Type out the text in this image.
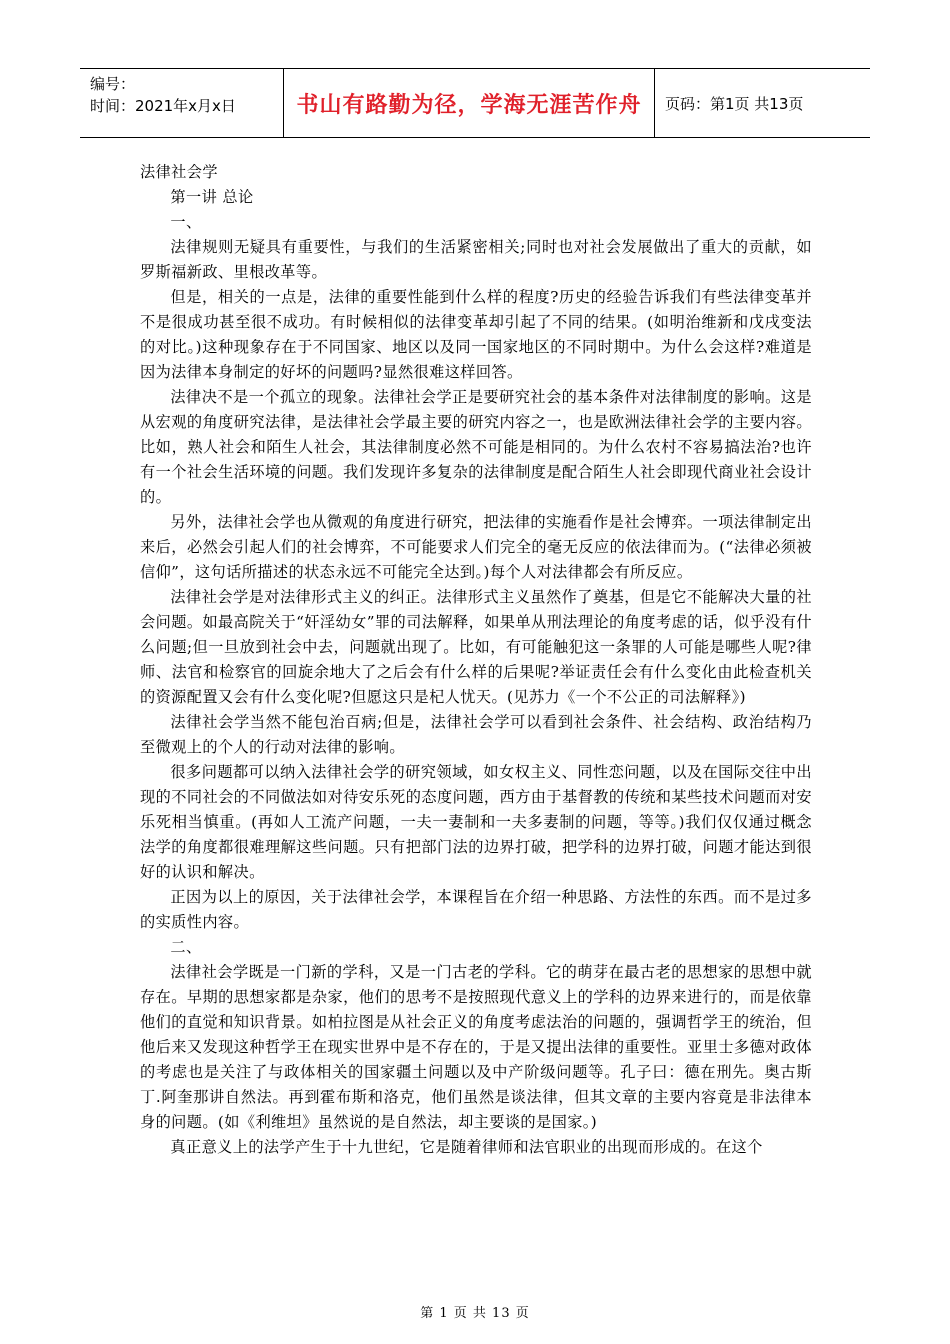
编号：
时间：2021年x月x日	书山有路勤为径，学海无涯苦作舟 页码：第1页 共13页

法律社会学

第一讲 总论

一、

法律规则无疑具有重要性，与我们的生活紧密相关;同时也对社会发展做出了重大的贡献，如罗斯福新政、里根改革等。

但是，相关的一点是，法律的重要性能到什么样的程度?历史的经验告诉我们有些法律变革并不是很成功甚至很不成功。有时候相似的法律变革却引起了不同的结果。(如明治维新和戊戌变法的对比。)这种现象存在于不同国家、地区以及同一国家地区的不同时期中。为什么会这样?难道是因为法律本身制定的好坏的问题吗?显然很难这样回答。

法律决不是一个孤立的现象。法律社会学正是要研究社会的基本条件对法律制度的影响。这是从宏观的角度研究法律，是法律社会学最主要的研究内容之一，也是欧洲法律社会学的主要内容。比如，熟人社会和陌生人社会，其法律制度必然不可能是相同的。为什么农村不容易搞法治?也许有一个社会生活环境的问题。我们发现许多复杂的法律制度是配合陌生人社会即现代商业社会设计的。

另外，法律社会学也从微观的角度进行研究，把法律的实施看作是社会博弈。一项法律制定出来后，必然会引起人们的社会博弈，不可能要求人们完全的毫无反应的依法律而为。(“法律必须被信仰”，这句话所描述的状态永远不可能完全达到。)每个人对法律都会有所反应。

法律社会学是对法律形式主义的纠正。法律形式主义虽然作了奠基，但是它不能解决大量的社会问题。如最高院关于“奸淫幼女”罪的司法解释，如果单从刑法理论的角度考虑的话，似乎没有什么问题;但一旦放到社会中去，问题就出现了。比如，有可能触犯这一条罪的人可能是哪些人呢?律师、法官和检察官的回旋余地大了之后会有什么样的后果呢?举证责任会有什么变化由此检查机关的资源配置又会有什么变化呢?但愿这只是杞人忧天。(见苏力《一个不公正的司法解释》)

法律社会学当然不能包治百病;但是，法律社会学可以看到社会条件、社会结构、政治结构乃至微观上的个人的行动对法律的影响。

很多问题都可以纳入法律社会学的研究领域，如女权主义、同性恋问题，以及在国际交往中出现的不同社会的不同做法如对待安乐死的态度问题，西方由于基督教的传统和某些技术问题而对安乐死相当慎重。(再如人工流产问题，一夫一妻制和一夫多妻制的问题，等等。)我们仅仅通过概念法学的角度都很难理解这些问题。只有把部门法的边界打破，把学科的边界打破，问题才能达到很好的认识和解决。

正因为以上的原因，关于法律社会学，本课程旨在介绍一种思路、方法性的东西。而不是过多的实质性内容。

二、

法律社会学既是一门新的学科，又是一门古老的学科。它的萌芽在最古老的思想家的思想中就存在。早期的思想家都是杂家，他们的思考不是按照现代意义上的学科的边界来进行的，而是依靠他们的直觉和知识背景。如柏拉图是从社会正义的角度考虑法治的问题的，强调哲学王的统治，但他后来又发现这种哲学王在现实世界中是不存在的，于是又提出法律的重要性。亚里士多德对政体的考虑也是关注了与政体相关的国家疆土问题以及中产阶级问题等。孔子曰：德在刑先。奥古斯丁.阿奎那讲自然法。再到霍布斯和洛克，他们虽然是谈法律，但其文章的主要内容竟是非法律本身的问题。(如《利维坦》虽然说的是自然法，却主要谈的是国家。)

真正意义上的法学产生于十九世纪，它是随着律师和法官职业的出现而形成的。在这个

第 1 页 共 13 页
